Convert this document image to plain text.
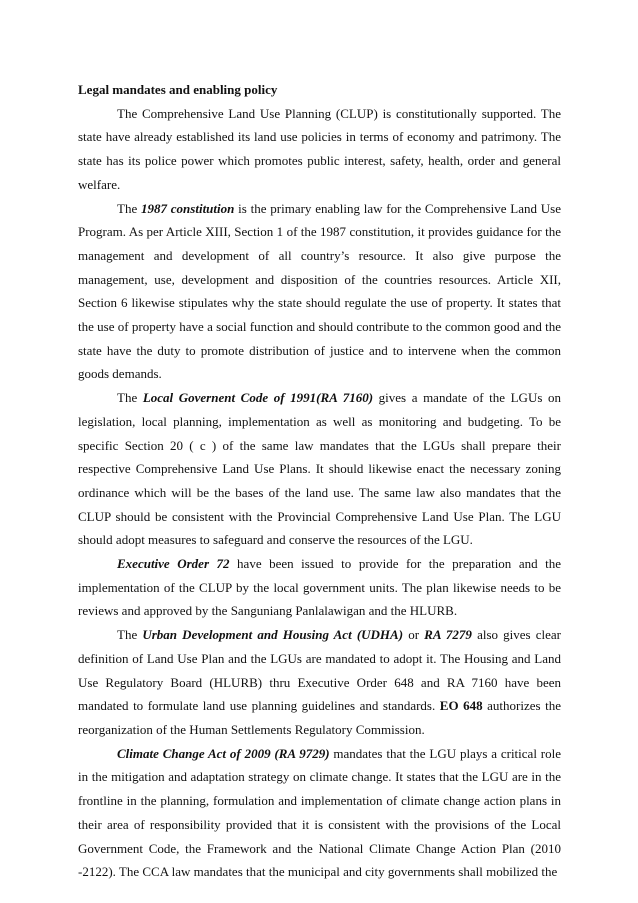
Legal mandates and enabling policy

The Comprehensive Land Use Planning (CLUP) is constitutionally supported. The state have already established its land use policies in terms of economy and patrimony. The state has its police power which promotes public interest, safety, health, order and general welfare.

The 1987 constitution is the primary enabling law for the Comprehensive Land Use Program. As per Article XIII, Section 1 of the 1987 constitution, it provides guidance for the management and development of all country’s resource. It also give purpose the management, use, development and disposition of the countries resources. Article XII, Section 6 likewise stipulates why the state should regulate the use of property. It states that the use of property have a social function and should contribute to the common good and the state have the duty to promote distribution of justice and to intervene when the common goods demands.

The Local Governent Code of 1991(RA 7160) gives a mandate of the LGUs on legislation, local planning, implementation as well as monitoring and budgeting. To be specific Section 20 ( c ) of the same law mandates that the LGUs shall prepare their respective Comprehensive Land Use Plans. It should likewise enact the necessary zoning ordinance which will be the bases of the land use. The same law also mandates that the CLUP should be consistent with the Provincial Comprehensive Land Use Plan. The LGU should adopt measures to safeguard and conserve the resources of the LGU.

Executive Order 72 have been issued to provide for the preparation and the implementation of the CLUP by the local government units. The plan likewise needs to be reviews and approved by the Sanguniang Panlalawigan and the HLURB.

The Urban Development and Housing Act (UDHA) or RA 7279 also gives clear definition of Land Use Plan and the LGUs are mandated to adopt it. The Housing and Land Use Regulatory Board (HLURB) thru Executive Order 648 and RA 7160 have been mandated to formulate land use planning guidelines and standards. EO 648 authorizes the reorganization of the Human Settlements Regulatory Commission.

Climate Change Act of 2009 (RA 9729) mandates that the LGU plays a critical role in the mitigation and adaptation strategy on climate change. It states that the LGU are in the frontline in the planning, formulation and implementation of climate change action plans in their area of responsibility provided that it is consistent with the provisions of the Local Government Code, the Framework and the National Climate Change Action Plan (2010 -2122). The CCA law mandates that the municipal and city governments shall mobilized the
